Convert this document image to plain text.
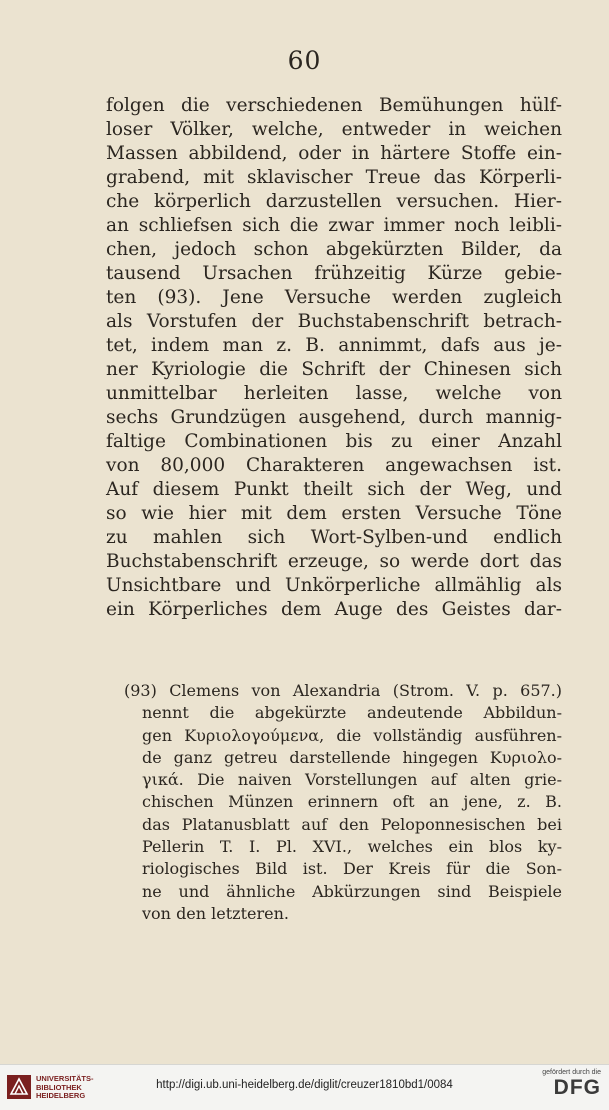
60
folgen die verschiedenen Bemühungen hülf-
loser Völker, welche, entweder in weichen
Massen abbildend, oder in härtere Stoffe ein-
grabend, mit sklavischer Treue das Körperli-
che körperlich darzustellen versuchen. Hier-
an schliefsen sich die zwar immer noch leibli-
chen, jedoch schon abgekürzten Bilder, da
tausend Ursachen frühzeitig Kürze gebie-
ten (93). Jene Versuche werden zugleich
als Vorstufen der Buchstabenschrift betrach-
tet, indem man z. B. annimmt, dafs aus je-
ner Kyriologie die Schrift der Chinesen sich
unmittelbar herleiten lasse, welche von
sechs Grundzügen ausgehend, durch mannig-
faltige Combinationen bis zu einer Anzahl
von 80,000 Charakteren angewachsen ist.
Auf diesem Punkt theilt sich der Weg, und
so wie hier mit dem ersten Versuche Töne
zu mahlen sich Wort-Sylben-und endlich
Buchstabenschrift erzeuge, so werde dort das
Unsichtbare und Unkörperliche allmählig als
ein Körperliches dem Auge des Geistes dar-
(93) Clemens von Alexandria (Strom. V. p. 657.)
nennt die abgekürzte andeutende Abbildun-
gen Κυριολογούμενα, die vollständig ausführen-
de ganz getreu darstellende hingegen Κυριολο-
γικά. Die naiven Vorstellungen auf alten grie-
chischen Münzen erinnern oft an jene, z. B.
das Platanusblatt auf den Peloponnesischen bei
Pellerin T. I. Pl. XVI., welches ein blos ky-
riologisches Bild ist. Der Kreis für die Son-
ne und ähnliche Abkürzungen sind Beispiele
von den letzteren.
UNIVERSITÄTS-
BIBLIOTHEK
HEIDELBERG
http://digi.ub.uni-heidelberg.de/diglit/creuzer1810bd1/0084
gefördert durch die
DFG
